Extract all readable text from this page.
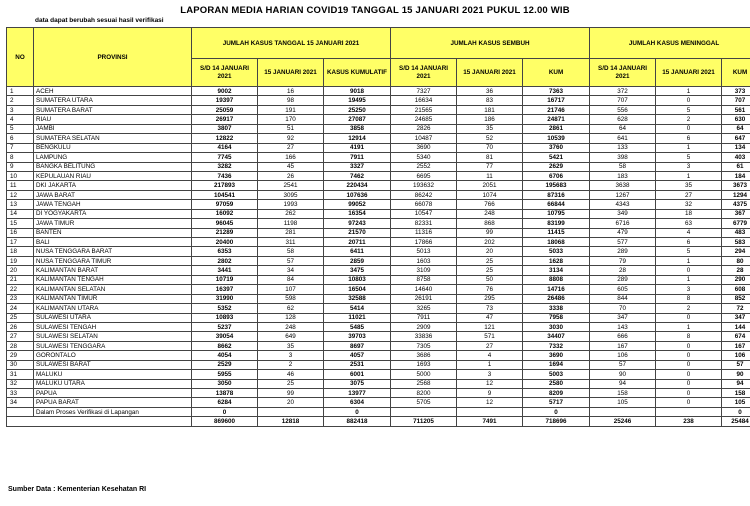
LAPORAN MEDIA HARIAN COVID19 TANGGAL 15 JANUARI 2021 PUKUL 12.00 WIB
data dapat berubah sesuai hasil verifikasi
NO	PROVINSI	JUMLAH KASUS TANGGAL 15 JANUARI 2021			JUMLAH KASUS SEMBUH			JUMLAH KASUS MENINGGAL		
		S/D 14 JANUARI 2021	15 JANUARI 2021	KASUS KUMULATIF	S/D 14 JANUARI 2021	15 JANUARI 2021	KUM	S/D 14 JANUARI 2021	15 JANUARI 2021	KUM
1	ACEH	9002	16	9018	7327	36	7363	372	1	373
2	SUMATERA UTARA	19397	98	19495	16634	83	16717	707	0	707
3	SUMATERA BARAT	25059	191	25250	21565	181	21746	556	5	561
4	RIAU	26917	170	27087	24685	186	24871	628	2	630
5	JAMBI	3807	51	3858	2826	35	2861	64	0	64
6	SUMATERA SELATAN	12822	92	12914	10487	52	10539	641	6	647
7	BENGKULU	4164	27	4191	3690	70	3760	133	1	134
8	LAMPUNG	7745	166	7911	5340	81	5421	398	5	403
9	BANGKA BELITUNG	3282	45	3327	2552	77	2629	58	3	61
10	KEPULAUAN RIAU	7436	26	7462	6695	11	6706	183	1	184
11	DKI JAKARTA	217893	2541	220434	193632	2051	195683	3638	35	3673
12	JAWA BARAT	104541	3095	107636	86242	1074	87316	1267	27	1294
13	JAWA TENGAH	97059	1993	99052	66078	766	66844	4343	32	4375
14	DI YOGYAKARTA	16092	262	16354	10547	248	10795	349	18	367
15	JAWA TIMUR	96045	1198	97243	82331	868	83199	6716	63	6779
16	BANTEN	21289	281	21570	11316	99	11415	479	4	483
17	BALI	20400	311	20711	17866	202	18068	577	6	583
18	NUSA TENGGARA BARAT	6353	58	6411	5013	20	5033	289	5	294
19	NUSA TENGGARA TIMUR	2802	57	2859	1603	25	1628	79	1	80
20	KALIMANTAN BARAT	3441	34	3475	3109	25	3134	28	0	28
21	KALIMANTAN TENGAH	10719	84	10803	8758	50	8808	289	1	290
22	KALIMANTAN SELATAN	16397	107	16504	14640	76	14716	605	3	608
23	KALIMANTAN TIMUR	31990	598	32588	26191	295	26486	844	8	852
24	KALIMANTAN UTARA	5352	62	5414	3265	73	3338	70	2	72
25	SULAWESI UTARA	10893	128	11021	7911	47	7958	347	0	347
26	SULAWESI TENGAH	5237	248	5485	2909	121	3030	143	1	144
27	SULAWESI SELATAN	39054	649	39703	33836	571	34407	666	8	674
28	SULAWESI TENGGARA	8662	35	8697	7305	27	7332	167	0	167
29	GORONTALO	4054	3	4057	3686	4	3690	106	0	106
30	SULAWESI BARAT	2529	2	2531	1693	1	1694	57	0	57
31	MALUKU	5955	46	6001	5000	3	5003	90	0	90
32	MALUKU UTARA	3050	25	3075	2568	12	2580	94	0	94
33	PAPUA	13878	99	13977	8200	9	8209	158	0	158
34	PAPUA BARAT	6284	20	6304	5705	12	5717	105	0	105
	Dalam Proses Verifikasi di Lapangan	0		0			0			0
		869600	12818	882418	711205	7491	718696	25246	238	25484
Sumber Data : Kementerian Kesehatan RI
